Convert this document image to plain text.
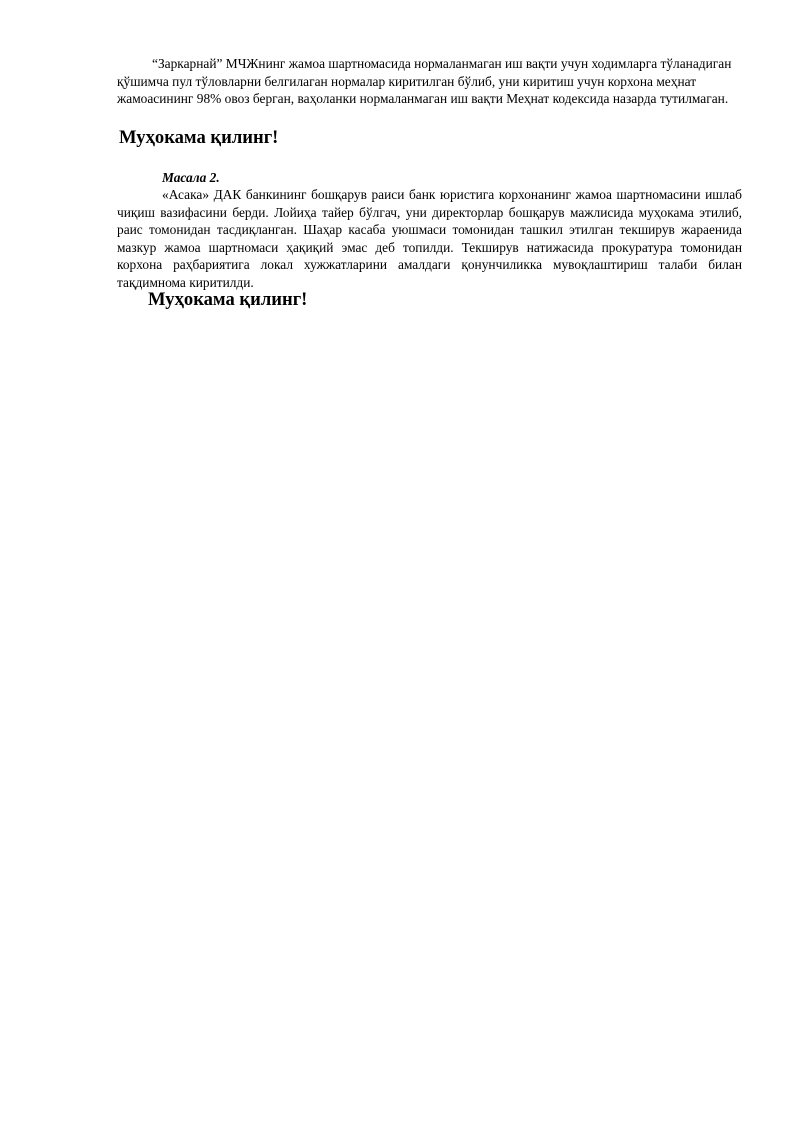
“Заркарнай” МЧЖнинг жамоа шартномасида нормаланмаган иш вақти учун ходимларга тўланадиган қўшимча пул тўловларни белгилаган нормалар киритилган бўлиб, уни киритиш учун корхона меҳнат жамоасининг 98% овоз берган, ваҳоланки нормаланмаган иш вақти Меҳнат кодексида назарда тутилмаган.

Муҳокама қилинг!

Масала 2.

«Асака» ДАК банкининг бошқарув раиси банк юристига корхонанинг жамоа шартномасини ишлаб чиқиш вазифасини берди. Лойиҳа тайер бўлгач, уни директорлар бошқарув мажлисида муҳокама этилиб, раис томонидан тасдиқланган. Шаҳар касаба уюшмаси томонидан ташкил этилган текширув жараенида мазкур жамоа шартномаси ҳақиқий эмас деб топилди. Текширув натижасида прокуратура томонидан корхона раҳбариятига локал хужжатларини амалдаги қонунчиликка мувоқлаштириш талаби билан тақдимнома киритилди.

Муҳокама қилинг!
